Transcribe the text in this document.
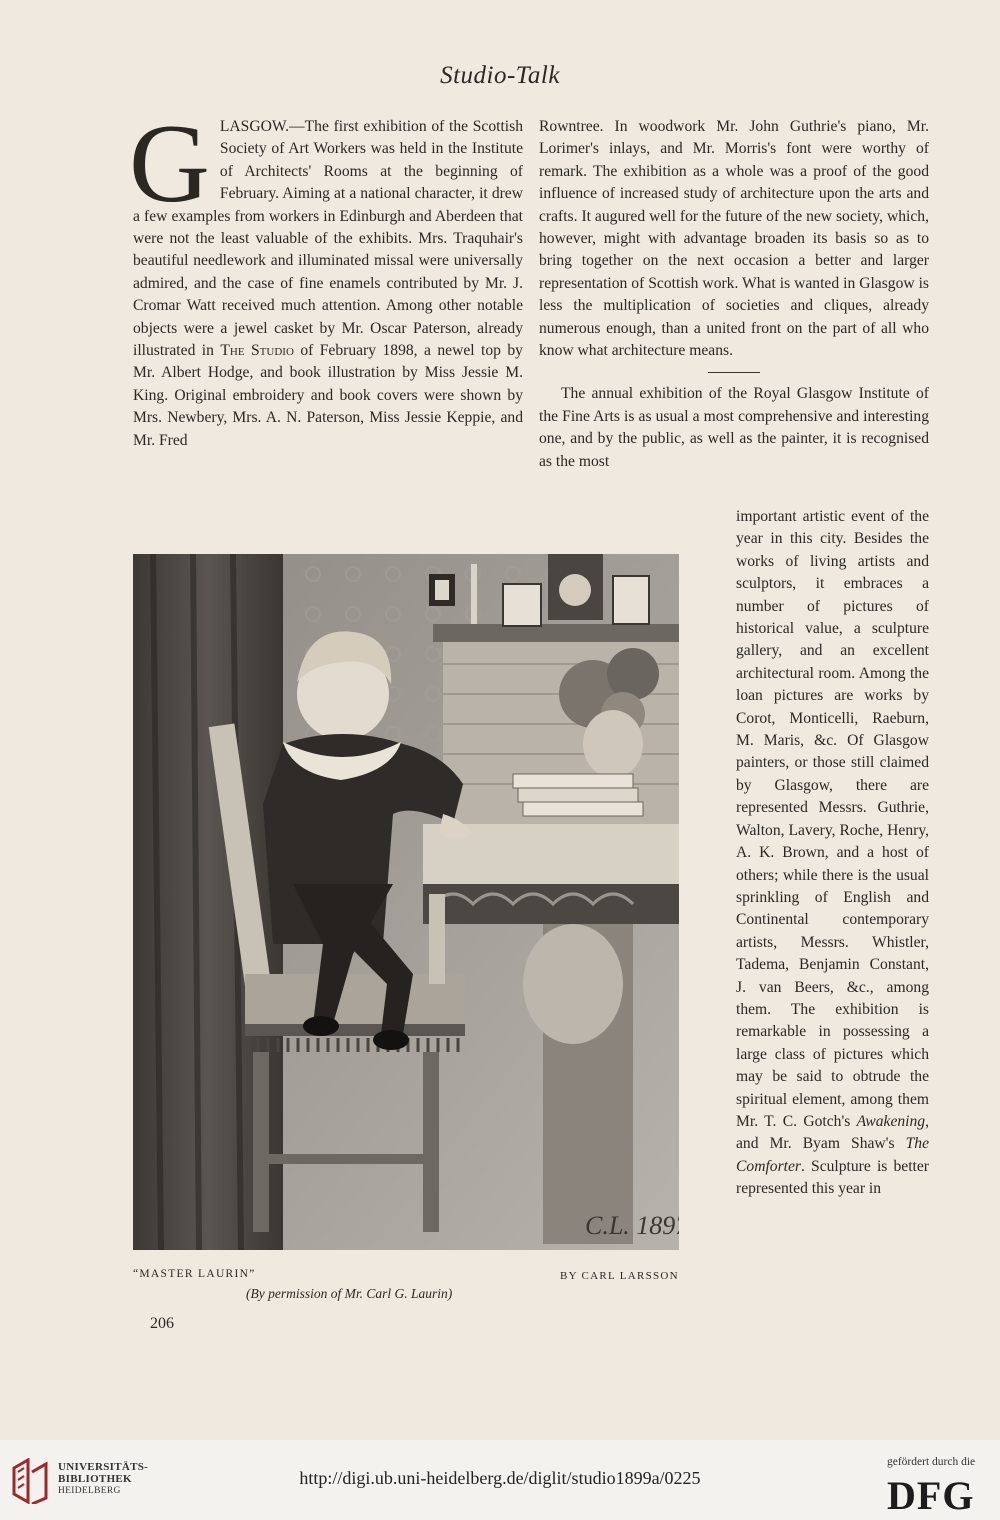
Studio-Talk

GLASGOW.—The first exhibition of the Scottish Society of Art Workers was held in the Institute of Architects' Rooms at the beginning of February. Aiming at a national character, it drew a few examples from workers in Edinburgh and Aberdeen that were not the least valuable of the exhibits. Mrs. Traquhair's beautiful needlework and illuminated missal were universally admired, and the case of fine enamels contributed by Mr. J. Cromar Watt received much attention. Among other notable objects were a jewel casket by Mr. Oscar Paterson, already illustrated in The Studio of February 1898, a newel top by Mr. Albert Hodge, and book illustration by Miss Jessie M. King. Original embroidery and book covers were shown by Mrs. Newbery, Mrs. A. N. Paterson, Miss Jessie Keppie, and Mr. Fred

Rowntree. In woodwork Mr. John Guthrie's piano, Mr. Lorimer's inlays, and Mr. Morris's font were worthy of remark. The exhibition as a whole was a proof of the good influence of increased study of architecture upon the arts and crafts. It augured well for the future of the new society, which, however, might with advantage broaden its basis so as to bring together on the next occasion a better and larger representation of Scottish work. What is wanted in Glasgow is less the multiplication of societies and cliques, already numerous enough, than a united front on the part of all who know what architecture means.

The annual exhibition of the Royal Glasgow Institute of the Fine Arts is as usual a most comprehensive and interesting one, and by the public, as well as the painter, it is recognised as the most

important artistic event of the year in this city. Besides the works of living artists and sculptors, it embraces a number of pictures of historical value, a sculpture gallery, and an excellent architectural room. Among the loan pictures are works by Corot, Monticelli, Raeburn, M. Maris, &c. Of Glasgow painters, or those still claimed by Glasgow, there are represented Messrs. Guthrie, Walton, Lavery, Roche, Henry, A. K. Brown, and a host of others; while there is the usual sprinkling of English and Continental contemporary artists, Messrs. Whistler, Tadema, Benjamin Constant, J. van Beers, &c., among them. The exhibition is remarkable in possessing a large class of pictures which may be said to obtrude the spiritual element, among them Mr. T. C. Gotch's Awakening, and Mr. Byam Shaw's The Comforter. Sculpture is better represented this year in

C.L. 1897
“MASTER LAURIN”	BY CARL LARSSON
(By permission of Mr. Carl G. Laurin)
206
UNIVERSITÄTS-
BIBLIOTHEK
HEIDELBERG
http://digi.ub.uni-heidelberg.de/diglit/studio1899a/0225
gefördert durch die
DFG
